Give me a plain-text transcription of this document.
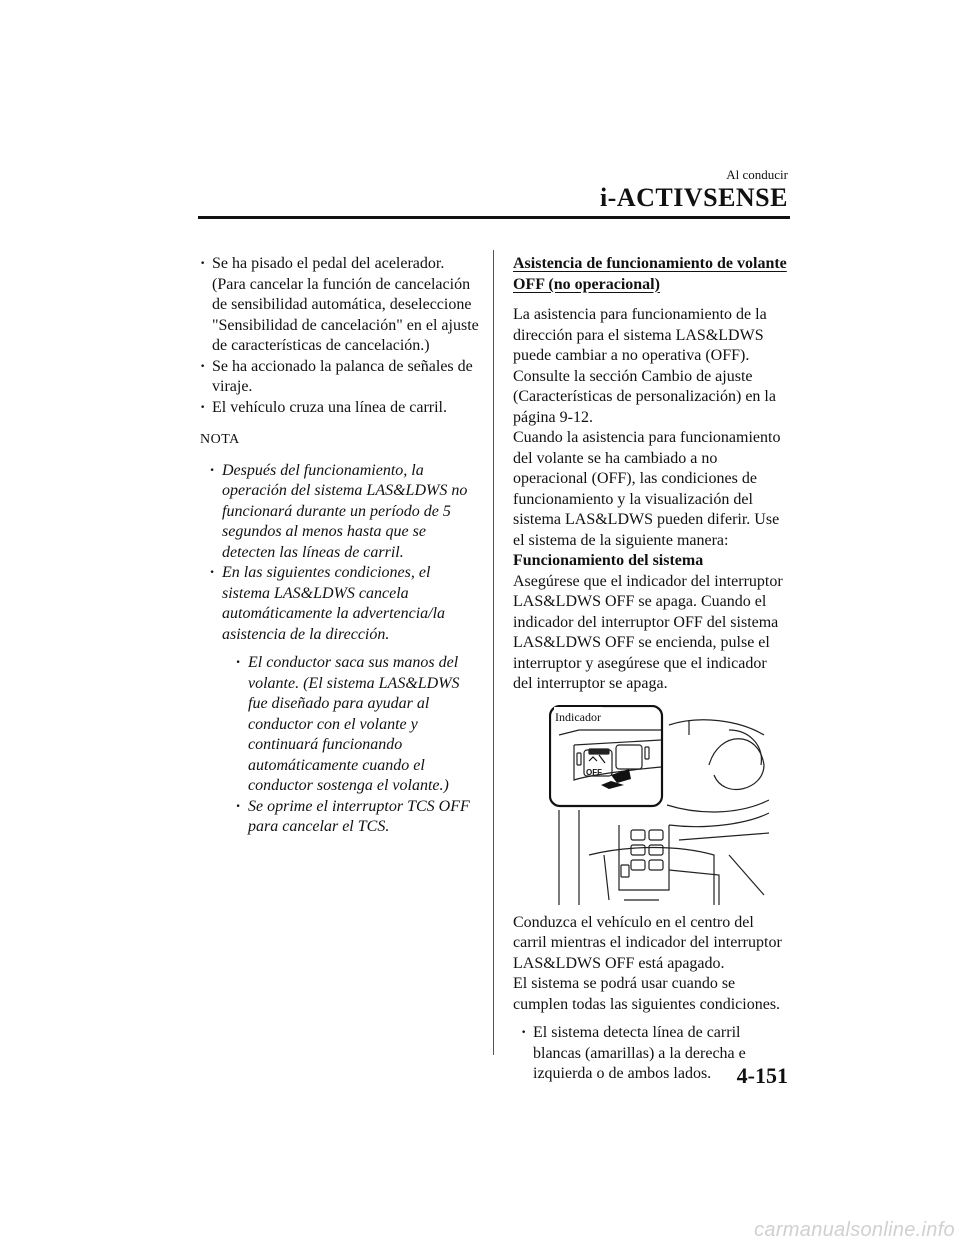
Al conducir
i-ACTIVSENSE

· Se ha pisado el pedal del acelerador. (Para cancelar la función de cancelación de sensibilidad automática, deseleccione "Sensibilidad de cancelación" en el ajuste de características de cancelación.)

· Se ha accionado la palanca de señales de viraje.

· El vehículo cruza una línea de carril.

NOTA

· Después del funcionamiento, la operación del sistema LAS&LDWS no funcionará durante un período de 5 segundos al menos hasta que se detecten las líneas de carril.

· En las siguientes condiciones, el sistema LAS&LDWS cancela automáticamente la advertencia/la asistencia de la dirección.

· El conductor saca sus manos del volante. (El sistema LAS&LDWS fue diseñado para ayudar al conductor con el volante y continuará funcionando automáticamente cuando el conductor sostenga el volante.)

· Se oprime el interruptor TCS OFF para cancelar el TCS.

Asistencia de funcionamiento de volante OFF (no operacional)

La asistencia para funcionamiento de la dirección para el sistema LAS&LDWS puede cambiar a no operativa (OFF). Consulte la sección Cambio de ajuste (Características de personalización) en la página 9-12.

Cuando la asistencia para funcionamiento del volante se ha cambiado a no operacional (OFF), las condiciones de funcionamiento y la visualización del sistema LAS&LDWS pueden diferir. Use el sistema de la siguiente manera:

Funcionamiento del sistema

Asegúrese que el indicador del interruptor LAS&LDWS OFF se apaga. Cuando el indicador del interruptor OFF del sistema LAS&LDWS OFF se encienda, pulse el interruptor y asegúrese que el indicador del interruptor se apaga.

OFF
Indicador

Conduzca el vehículo en el centro del carril mientras el indicador del interruptor LAS&LDWS OFF está apagado.

El sistema se podrá usar cuando se cumplen todas las siguientes condiciones.

· El sistema detecta línea de carril blancas (amarillas) a la derecha e izquierda o de ambos lados.	4-151
carmanualsonline.info
